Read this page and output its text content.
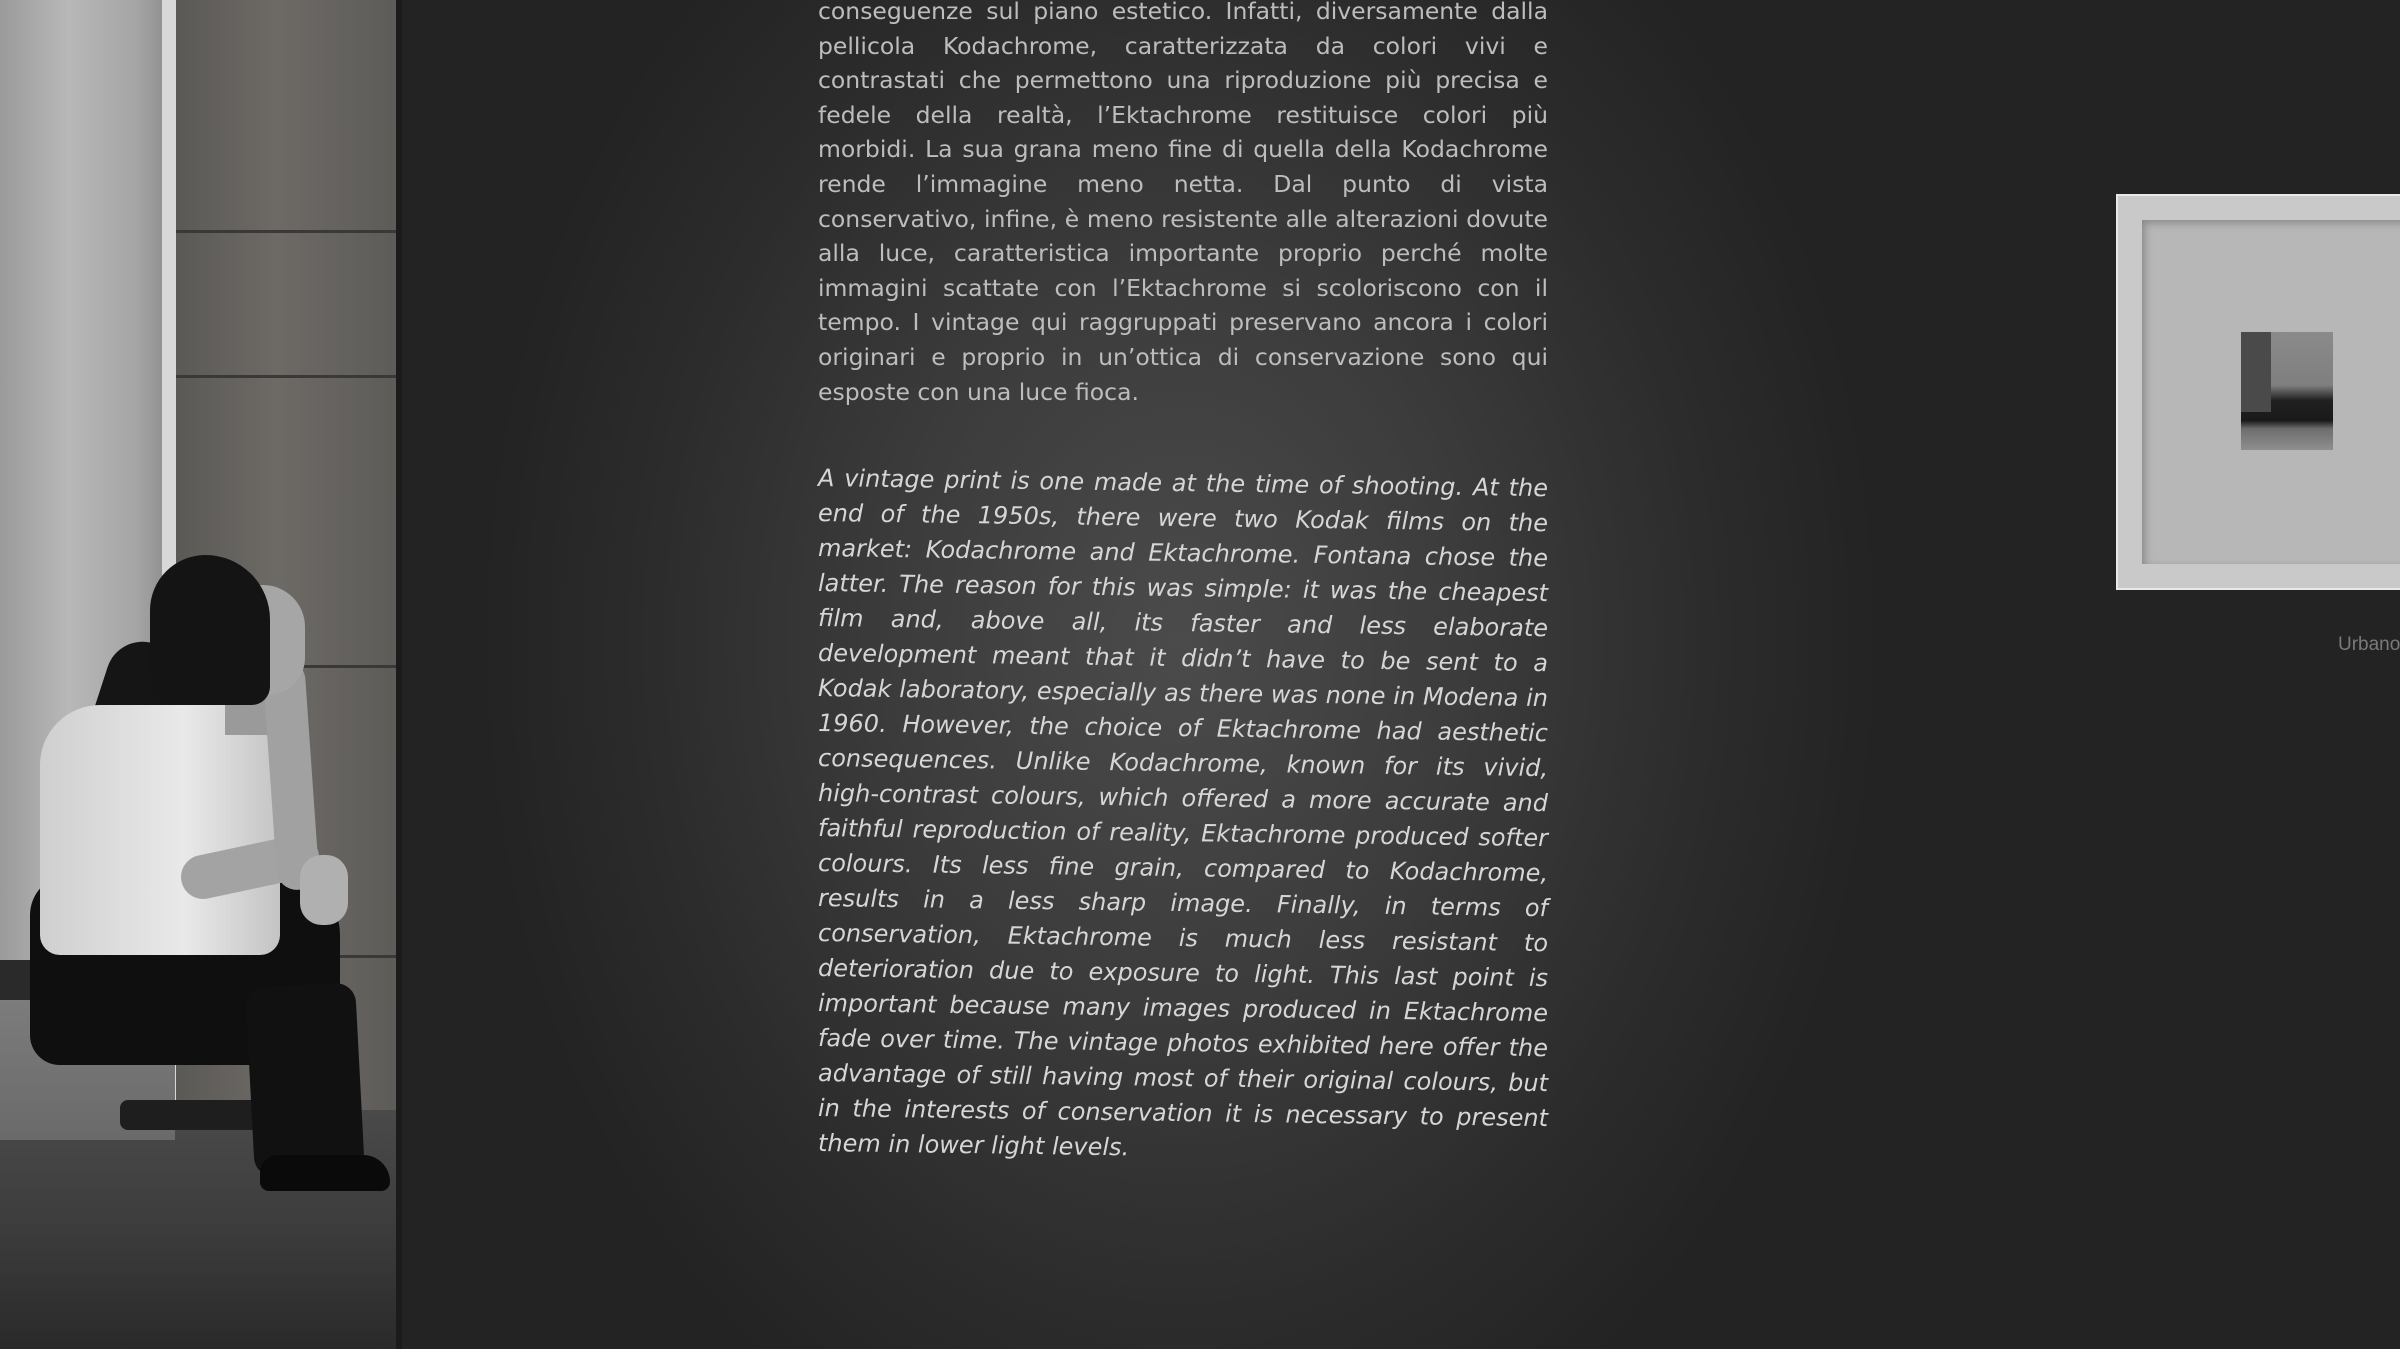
conseguenze sul piano estetico. Infatti, diversamente dalla pellicola Kodachrome, caratterizzata da colori vivi e contrastati che permettono una riproduzione più precisa e fedele della realtà, l’Ektachrome restituisce colori più morbidi. La sua grana meno fine di quella della Kodachrome rende l’immagine meno netta. Dal punto di vista conservativo, infine, è meno resistente alle alterazioni dovute alla luce, caratteristica importante proprio perché molte immagini scattate con l’Ektachrome si scoloriscono con il tempo. I vintage qui raggruppati preservano ancora i colori originari e proprio in un’ottica di conservazione sono qui esposte con una luce fioca.
A vintage print is one made at the time of shooting. At the end of the 1950s, there were two Kodak films on the market: Kodachrome and Ektachrome. Fontana chose the latter. The reason for this was simple: it was the cheapest film and, above all, its faster and less elaborate development meant that it didn’t have to be sent to a Kodak laboratory, especially as there was none in Modena in 1960. However, the choice of Ektachrome had aesthetic consequences. Unlike Kodachrome, known for its vivid, high-contrast colours, which offered a more accurate and faithful reproduction of reality, Ektachrome produced softer colours. Its less fine grain, compared to Kodachrome, results in a less sharp image. Finally, in terms of conservation, Ektachrome is much less resistant to deterioration due to exposure to light. This last point is important because many images produced in Ektachrome fade over time. The vintage photos exhibited here offer the advantage of still having most of their original colours, but in the interests of conservation it is necessary to present them in lower light levels.
Urbano
